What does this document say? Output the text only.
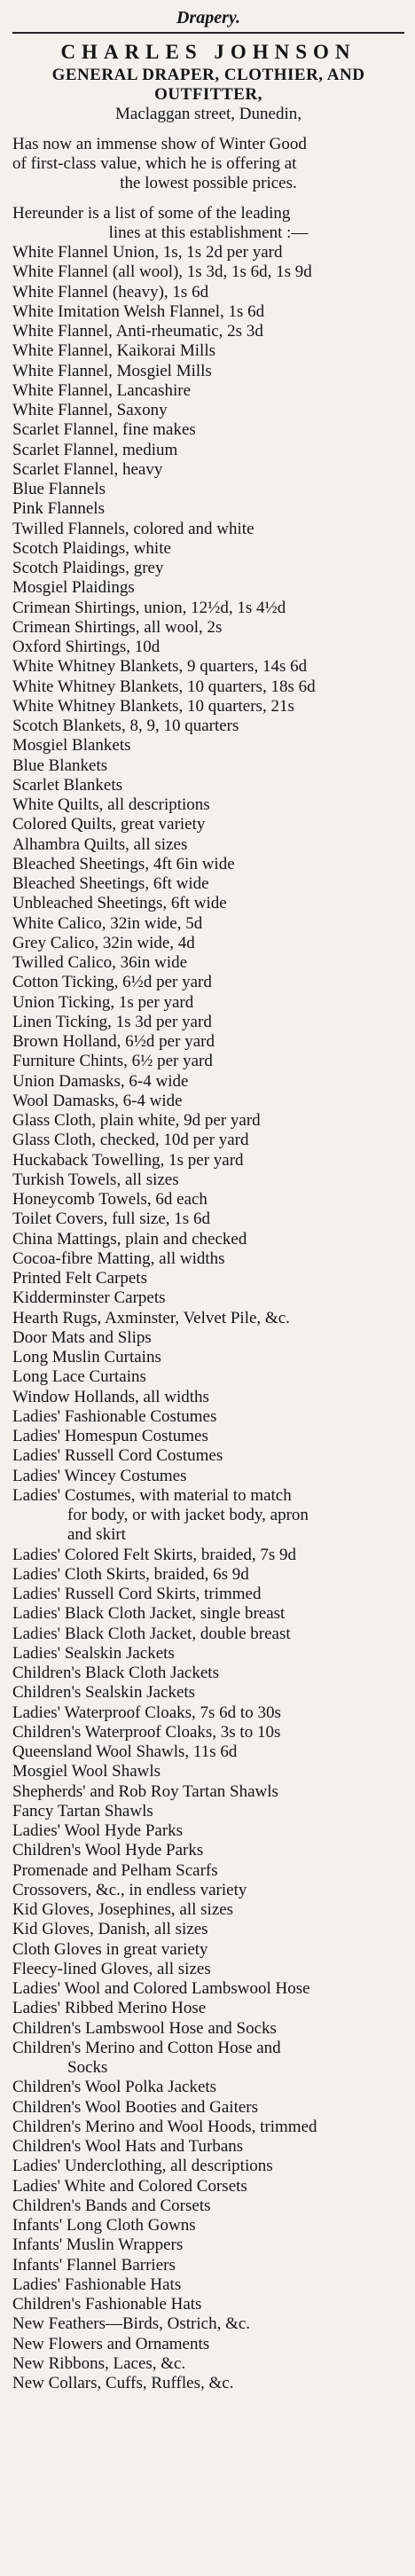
Drapery.
CHARLES JOHNSON
GENERAL DRAPER, CLOTHIER, AND
OUTFITTER,
Maclaggan street, Dunedin,
Has now an immense show of Winter Good
of first-class value, which he is offering at
the lowest possible prices.
Hereunder is a list of some of the leading
lines at this establishment :—
White Flannel Union, 1s, 1s 2d per yard
White Flannel (all wool), 1s 3d, 1s 6d, 1s 9d
White Flannel (heavy), 1s 6d
White Imitation Welsh Flannel, 1s 6d
White Flannel, Anti-rheumatic, 2s 3d
White Flannel, Kaikorai Mills
White Flannel, Mosgiel Mills
White Flannel, Lancashire
White Flannel, Saxony
Scarlet Flannel, fine makes
Scarlet Flannel, medium
Scarlet Flannel, heavy
Blue Flannels
Pink Flannels
Twilled Flannels, colored and white
Scotch Plaidings, white
Scotch Plaidings, grey
Mosgiel Plaidings
Crimean Shirtings, union, 12½d, 1s 4½d
Crimean Shirtings, all wool, 2s
Oxford Shirtings, 10d
White Whitney Blankets, 9 quarters, 14s 6d
White Whitney Blankets, 10 quarters, 18s 6d
White Whitney Blankets, 10 quarters, 21s
Scotch Blankets, 8, 9, 10 quarters
Mosgiel Blankets
Blue Blankets
Scarlet Blankets
White Quilts, all descriptions
Colored Quilts, great variety
Alhambra Quilts, all sizes
Bleached Sheetings, 4ft 6in wide
Bleached Sheetings, 6ft wide
Unbleached Sheetings, 6ft wide
White Calico, 32in wide, 5d
Grey Calico, 32in wide, 4d
Twilled Calico, 36in wide
Cotton Ticking, 6½d per yard
Union Ticking, 1s per yard
Linen Ticking, 1s 3d per yard
Brown Holland, 6½d per yard
Furniture Chints, 6½ per yard
Union Damasks, 6-4 wide
Wool Damasks, 6-4 wide
Glass Cloth, plain white, 9d per yard
Glass Cloth, checked, 10d per yard
Huckaback Towelling, 1s per yard
Turkish Towels, all sizes
Honeycomb Towels, 6d each
Toilet Covers, full size, 1s 6d
China Mattings, plain and checked
Cocoa-fibre Matting, all widths
Printed Felt Carpets
Kidderminster Carpets
Hearth Rugs, Axminster, Velvet Pile, &c.
Door Mats and Slips
Long Muslin Curtains
Long Lace Curtains
Window Hollands, all widths
Ladies' Fashionable Costumes
Ladies' Homespun Costumes
Ladies' Russell Cord Costumes
Ladies' Wincey Costumes
Ladies' Costumes, with material to match
for body, or with jacket body, apron
and skirt
Ladies' Colored Felt Skirts, braided, 7s 9d
Ladies' Cloth Skirts, braided, 6s 9d
Ladies' Russell Cord Skirts, trimmed
Ladies' Black Cloth Jacket, single breast
Ladies' Black Cloth Jacket, double breast
Ladies' Sealskin Jackets
Children's Black Cloth Jackets
Children's Sealskin Jackets
Ladies' Waterproof Cloaks, 7s 6d to 30s
Children's Waterproof Cloaks, 3s to 10s
Queensland Wool Shawls, 11s 6d
Mosgiel Wool Shawls
Shepherds' and Rob Roy Tartan Shawls
Fancy Tartan Shawls
Ladies' Wool Hyde Parks
Children's Wool Hyde Parks
Promenade and Pelham Scarfs
Crossovers, &c., in endless variety
Kid Gloves, Josephines, all sizes
Kid Gloves, Danish, all sizes
Cloth Gloves in great variety
Fleecy-lined Gloves, all sizes
Ladies' Wool and Colored Lambswool Hose
Ladies' Ribbed Merino Hose
Children's Lambswool Hose and Socks
Children's Merino and Cotton Hose and
Socks
Children's Wool Polka Jackets
Children's Wool Booties and Gaiters
Children's Merino and Wool Hoods, trimmed
Children's Wool Hats and Turbans
Ladies' Underclothing, all descriptions
Ladies' White and Colored Corsets
Children's Bands and Corsets
Infants' Long Cloth Gowns
Infants' Muslin Wrappers
Infants' Flannel Barriers
Ladies' Fashionable Hats
Children's Fashionable Hats
New Feathers—Birds, Ostrich, &c.
New Flowers and Ornaments
New Ribbons, Laces, &c.
New Collars, Cuffs, Ruffles, &c.
